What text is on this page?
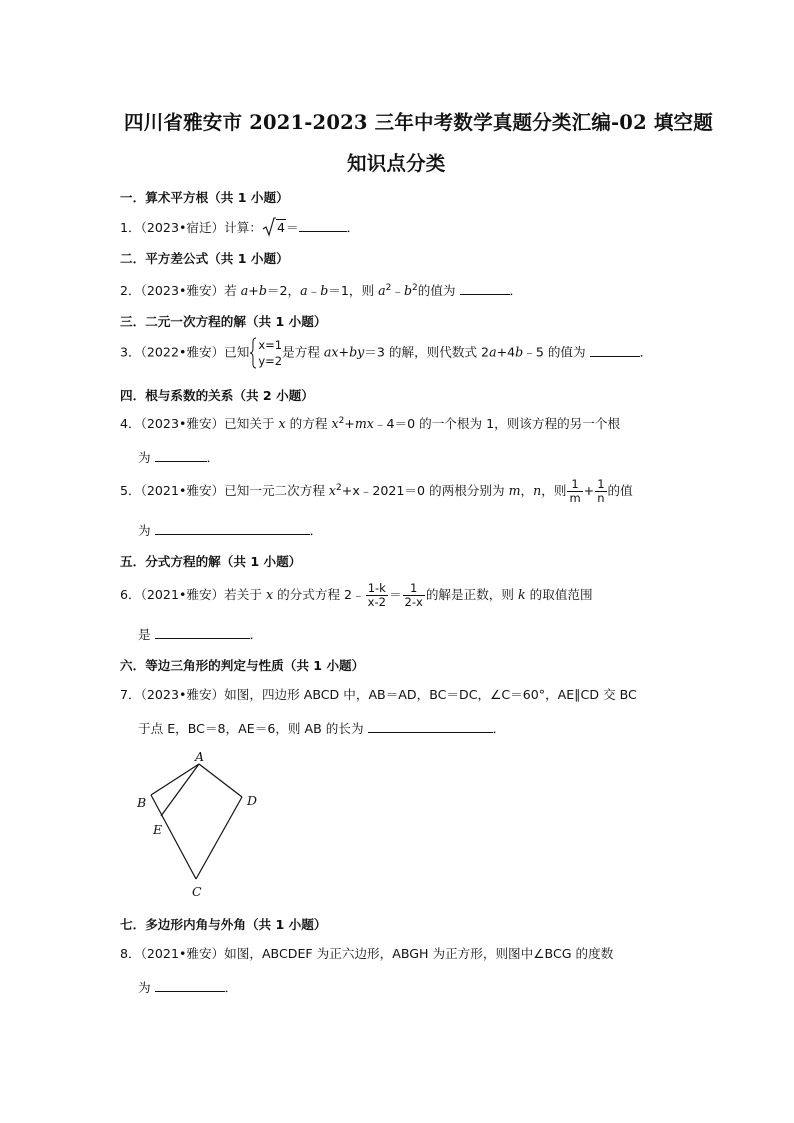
四川省雅安市 2021-2023 三年中考数学真题分类汇编-02 填空题
知识点分类
一．算术平方根（共 1 小题）
1．（2023•宿迁）计算： 4＝	．
二．平方差公式（共 1 小题）
2．（2023•雅安）若 a+b＝2，a﹣b＝1，则 $a^2﹣b^2$的值为	．
三．二元一次方程的解（共 1 小题）
3．（2022•雅安）已知 x=1
y=2
是方程 ax+by＝3 的解，则代数式 2a+4b﹣5 的值为	．
四．根与系数的关系（共 2 小题）
4．（2023•雅安）已知关于 x 的方程 $x^2+mx﹣4=0$ 的一个根为 1，则该方程的另一个根
为	．
5．（2021•雅安）已知一元二次方程 $x^2+x﹣2021=0$ 的两根分别为 m，n，则 $\frac{1}{m} + \frac{1}{n}$ 的值
为	．
五．分式方程的解（共 1 小题）
6．（2021•雅安）若关于 x 的分式方程 2﹣ $\frac{1-k}{x-2} = \frac{1}{2-x}$ 的解是正数，则 k 的取值范围
是	．
六．等边三角形的判定与性质（共 1 小题）
7．（2023•雅安）如图，四边形 ABCD 中，AB＝AD，BC＝DC，∠C＝60°，AE∥CD 交 BC
于点 E，BC＝8，AE＝6，则 AB 的长为	．
A
B	D
E
C
七．多边形内角与外角（共 1 小题）
8．（2021•雅安）如图，ABCDEF 为正六边形，ABGH 为正方形，则图中∠BCG 的度数
为	．
